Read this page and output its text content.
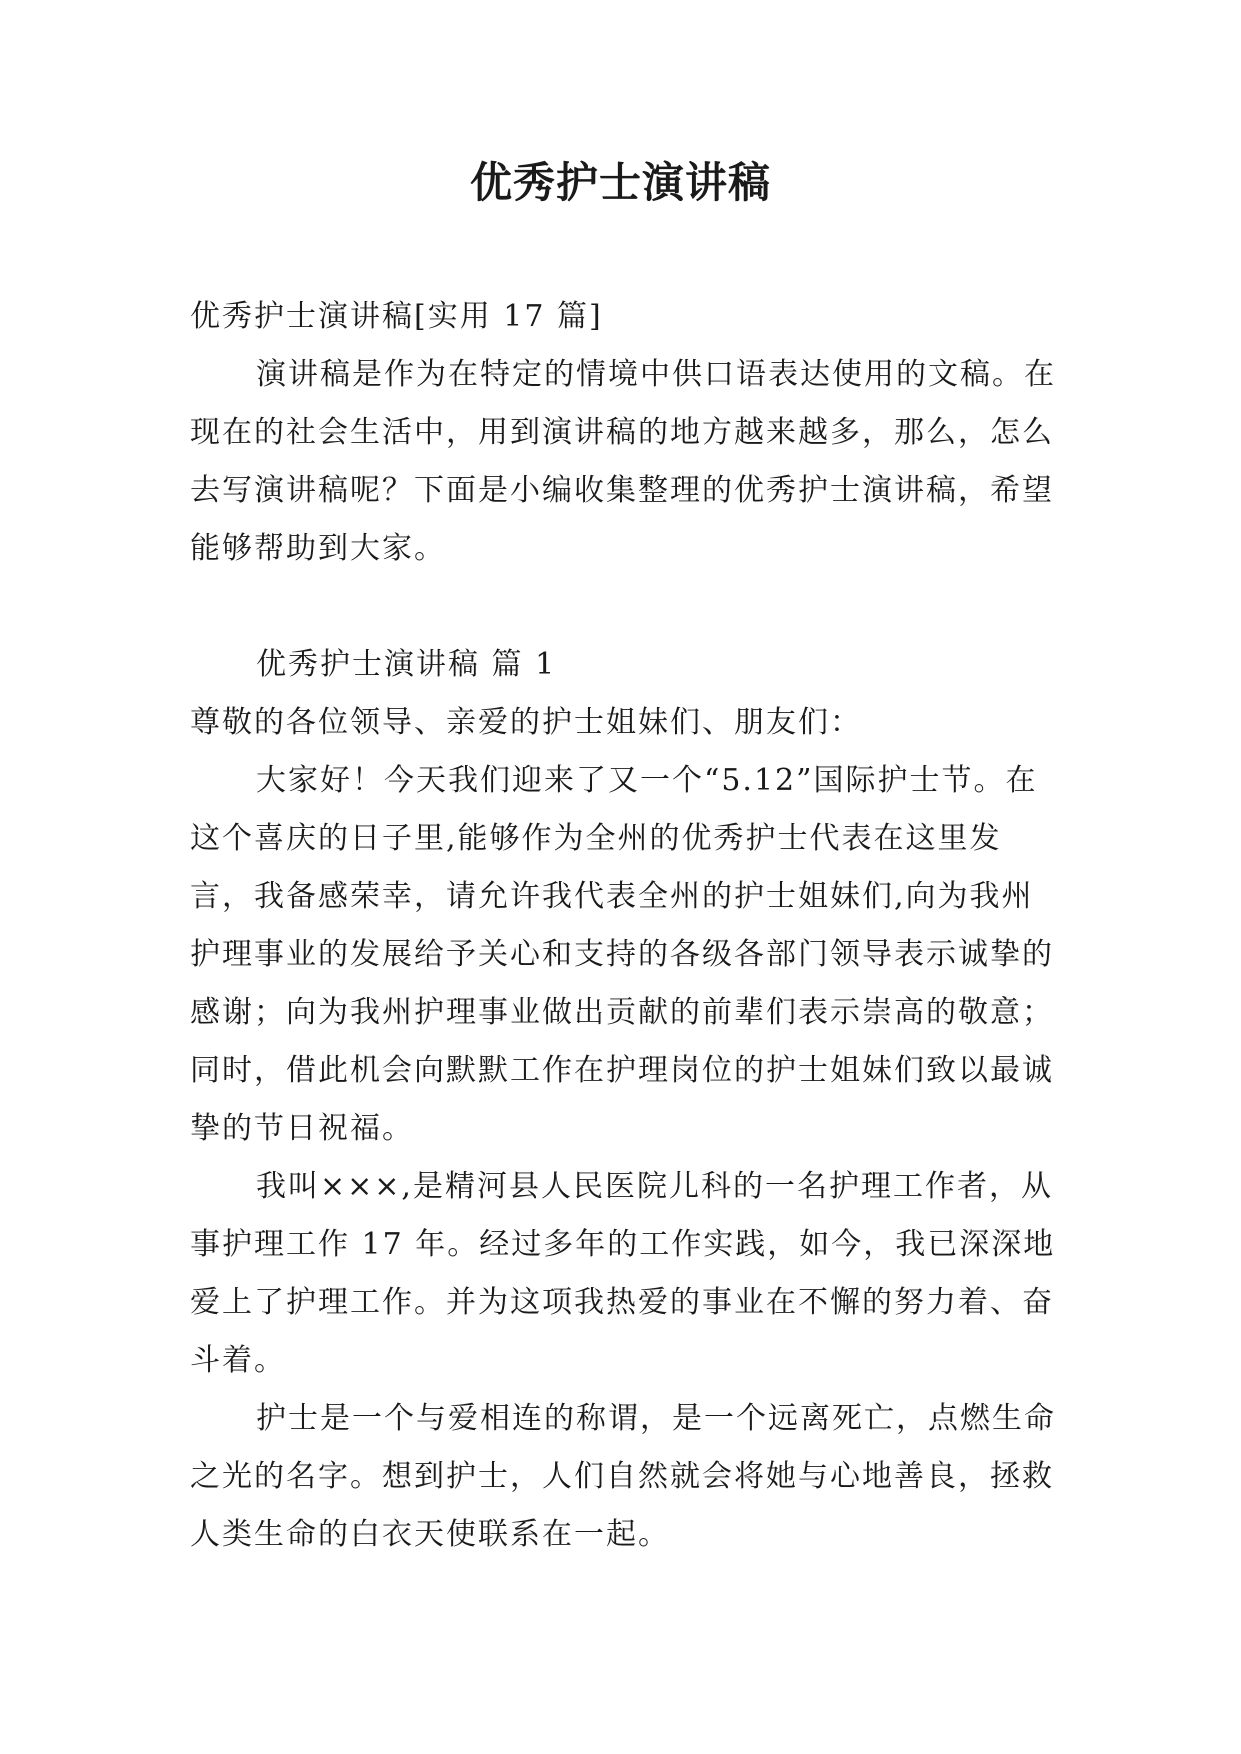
优秀护士演讲稿

优秀护士演讲稿[实用 17 篇]

演讲稿是作为在特定的情境中供口语表达使用的文稿。在现在的社会生活中，用到演讲稿的地方越来越多，那么，怎么去写演讲稿呢？下面是小编收集整理的优秀护士演讲稿，希望能够帮助到大家。

优秀护士演讲稿 篇 1

尊敬的各位领导、亲爱的护士姐妹们、朋友们：

大家好！今天我们迎来了又一个“5.12”国际护士节。在这个喜庆的日子里,能够作为全州的优秀护士代表在这里发言，我备感荣幸，请允许我代表全州的护士姐妹们,向为我州护理事业的发展给予关心和支持的各级各部门领导表示诚挚的感谢；向为我州护理事业做出贡献的前辈们表示崇高的敬意；同时，借此机会向默默工作在护理岗位的护士姐妹们致以最诚挚的节日祝福。

我叫×××,是精河县人民医院儿科的一名护理工作者，从事护理工作 17 年。经过多年的工作实践，如今，我已深深地爱上了护理工作。并为这项我热爱的事业在不懈的努力着、奋斗着。

护士是一个与爱相连的称谓，是一个远离死亡，点燃生命之光的名字。想到护士，人们自然就会将她与心地善良，拯救人类生命的白衣天使联系在一起。
